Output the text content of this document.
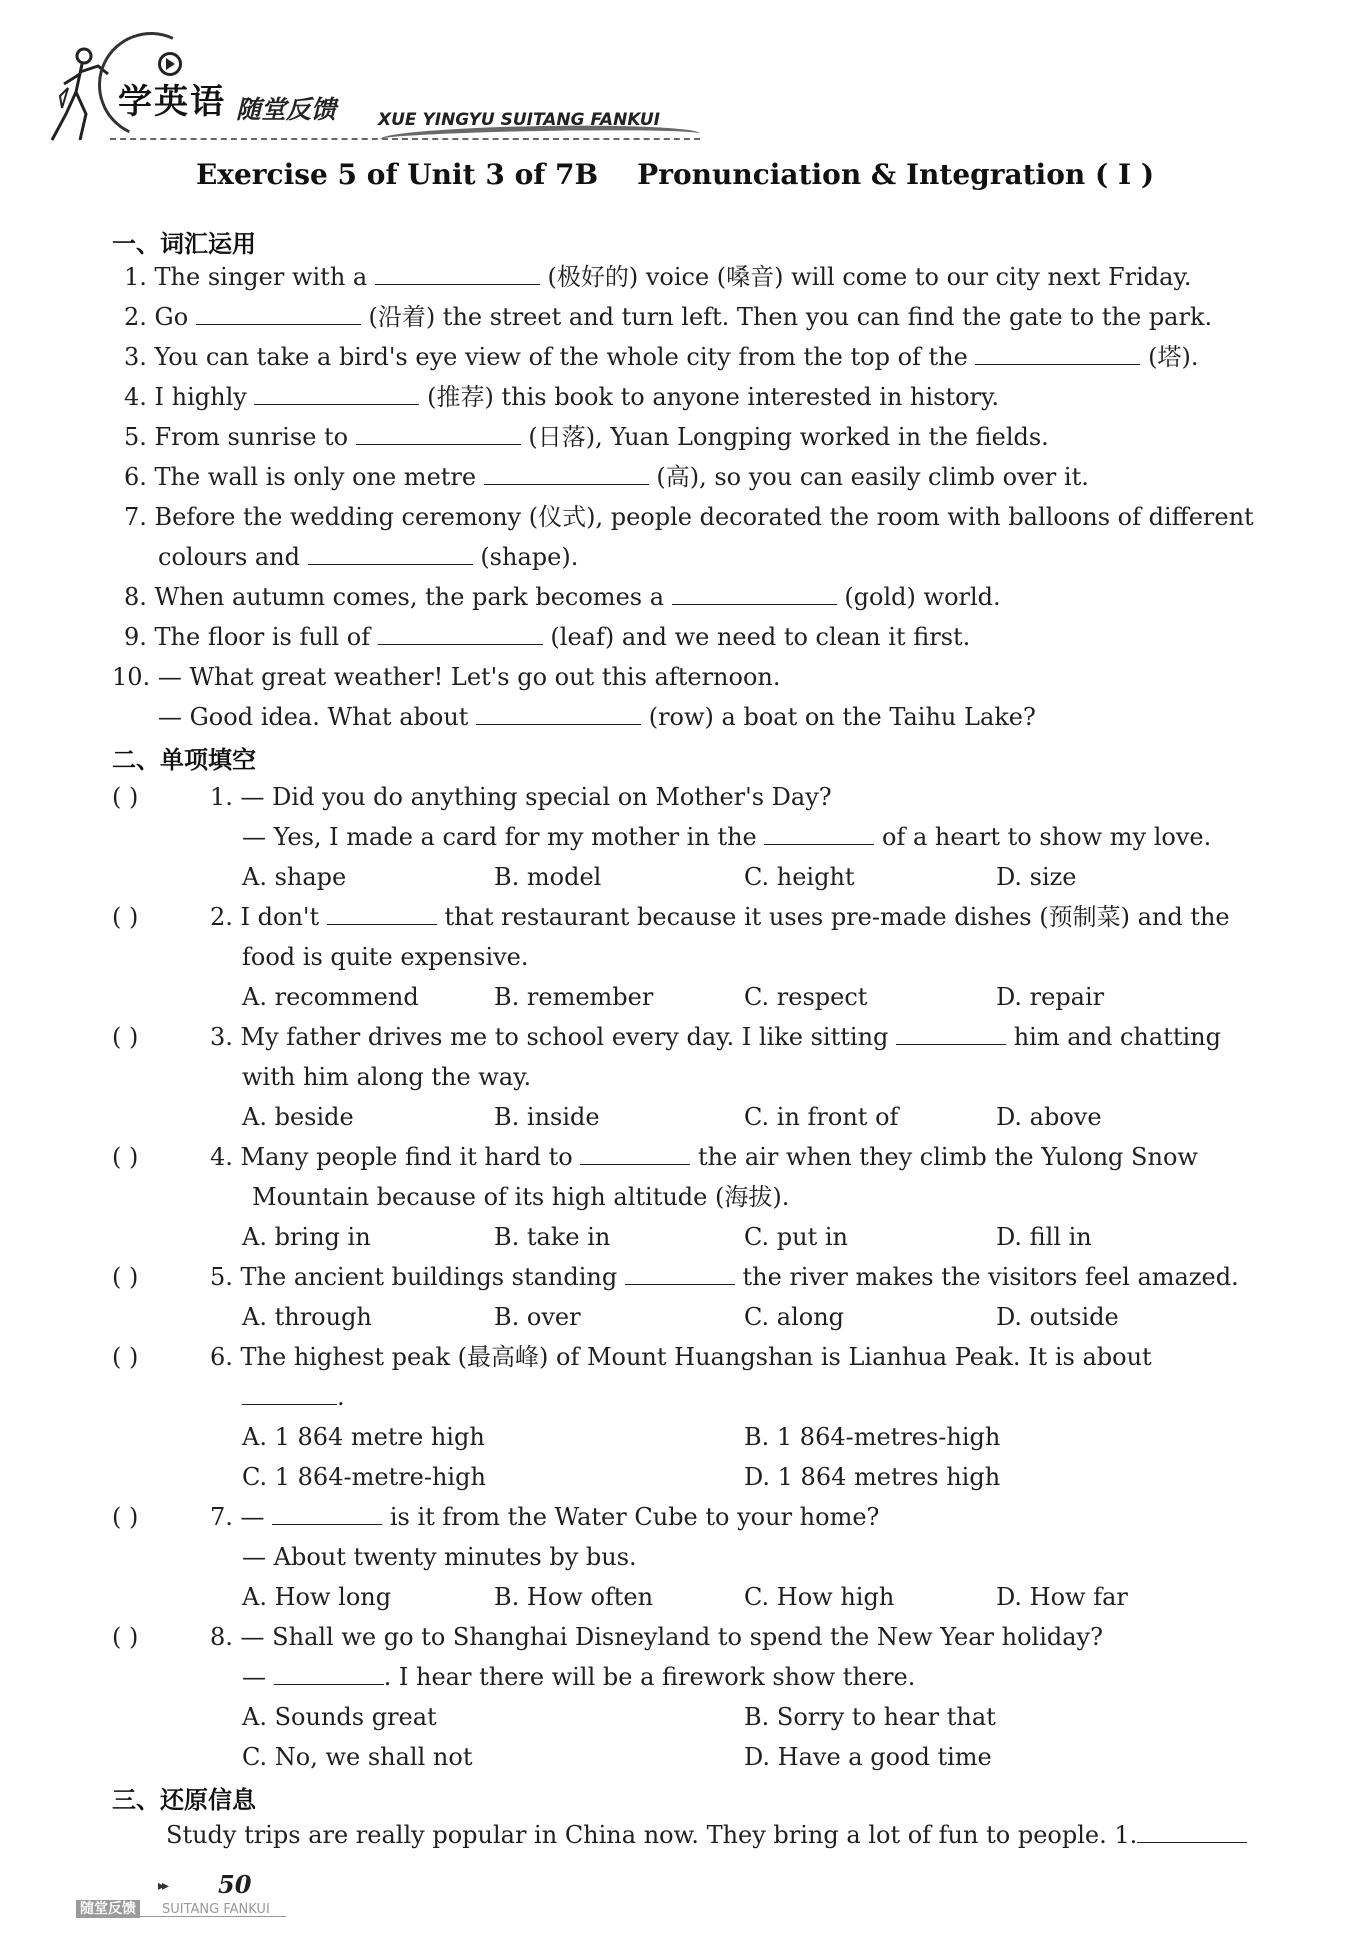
学英语 随堂反馈 XUE YINGYU SUITANG FANKUI
Exercise 5 of Unit 3 of 7B    Pronunciation & Integration ( Ⅰ )
一、词汇运用
1. The singer with a	(极好的) voice (嗓音) will come to our city next Friday.
2. Go	(沿着) the street and turn left. Then you can find the gate to the park.
3. You can take a bird's eye view of the whole city from the top of the	(塔).
4. I highly	(推荐) this book to anyone interested in history.
5. From sunrise to	(日落), Yuan Longping worked in the fields.
6. The wall is only one metre	(高), so you can easily climb over it.
7. Before the wedding ceremony (仪式), people decorated the room with balloons of different
colours and	(shape).
8. When autumn comes, the park becomes a	(gold) world.
9. The floor is full of	(leaf) and we need to clean it first.
10. — What great weather! Let's go out this afternoon.
— Good idea. What about	(row) a boat on the Taihu Lake?
二、单项填空
( )	1. — Did you do anything special on Mother's Day?
— Yes, I made a card for my mother in the	of a heart to show my love.
A. shape	B. model	C. height	D. size
( )	2. I don't	that restaurant because it uses pre-made dishes (预制菜) and the
food is quite expensive.
A. recommend	B. remember	C. respect	D. repair
( )	3. My father drives me to school every day. I like sitting	him and chatting
with him along the way.
A. beside	B. inside	C. in front of	D. above
( )	4. Many people find it hard to	the air when they climb the Yulong Snow
Mountain because of its high altitude (海拔).
A. bring in	B. take in	C. put in	D. fill in
( )	5. The ancient buildings standing	the river makes the visitors feel amazed.
A. through	B. over	C. along	D. outside
( )	6. The highest peak (最高峰) of Mount Huangshan is Lianhua Peak. It is about
.
A. 1 864 metre high	B. 1 864-metres-high
C. 1 864-metre-high	D. 1 864 metres high
( )	7. —	is it from the Water Cube to your home?
— About twenty minutes by bus.
A. How long	B. How often	C. How high	D. How far
( )	8. — Shall we go to Shanghai Disneyland to spend the New Year holiday?
—	. I hear there will be a firework show there.
A. Sounds great	B. Sorry to hear that
C. No, we shall not	D. Have a good time
三、还原信息
Study trips are really popular in China now. They bring a lot of fun to people. 1.
▸▸ 50
随堂反馈	SUITANG FANKUI
